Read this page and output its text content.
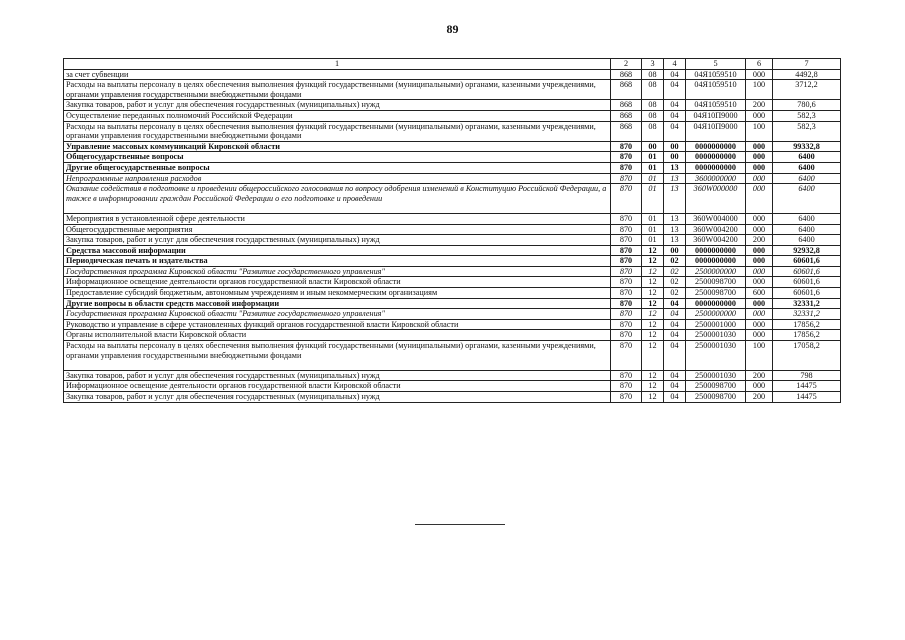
89
1	2	3	4	5	6	7
за счет субвенции	868	08	04	04Я1059510	000	4492,8
Расходы на выплаты персоналу в целях обеспечения выполнения функций государственными (муниципальными) органами, казенными учреждениями, органами управления государственными внебюджетными фондами	868	08	04	04Я1059510	100	3712,2
Закупка товаров, работ и услуг для обеспечения государственных (муниципальных) нужд	868	08	04	04Я1059510	200	780,6
Осуществление переданных полномочий Российской Федерации	868	08	04	04Я10П9000	000	582,3
Расходы на выплаты персоналу в целях обеспечения выполнения функций государственными (муниципальными) органами, казенными учреждениями, органами управления государственными внебюджетными фондами	868	08	04	04Я10П9000	100	582,3
Управление массовых коммуникаций Кировской области	870	00	00	0000000000	000	99332,8
Общегосударственные вопросы	870	01	00	0000000000	000	6400
Другие общегосударственные вопросы	870	01	13	0000000000	000	6400
Непрограммные направления расходов	870	01	13	3600000000	000	6400
Оказание содействия в подготовке и проведении общероссийского голосования по вопросу одобрения изменений в Конституцию Российской Федерации, а также в информировании граждан Российской Федерации о его подготовке и проведении	870	01	13	360W000000	000	6400
Мероприятия в установленной сфере деятельности	870	01	13	360W004000	000	6400
Общегосударственные мероприятия	870	01	13	360W004200	000	6400
Закупка товаров, работ и услуг для обеспечения государственных (муниципальных) нужд	870	01	13	360W004200	200	6400
Средства массовой информации	870	12	00	0000000000	000	92932,8
Периодическая печать и издательства	870	12	02	0000000000	000	60601,6
Государственная программа Кировской области "Развитие государственного управления"	870	12	02	2500000000	000	60601,6
Информационное освещение деятельности органов государственной власти Кировской области	870	12	02	2500098700	000	60601,6
Предоставление субсидий бюджетным, автономным учреждениям и иным некоммерческим организациям	870	12	02	2500098700	600	60601,6
Другие вопросы в области средств массовой информации	870	12	04	0000000000	000	32331,2
Государственная программа Кировской области "Развитие государственного управления"	870	12	04	2500000000	000	32331,2
Руководство и управление в сфере установленных функций органов государственной власти Кировской области	870	12	04	2500001000	000	17856,2
Органы исполнительной власти Кировской области	870	12	04	2500001030	000	17856,2
Расходы на выплаты персоналу в целях обеспечения выполнения функций государственными (муниципальными) органами, казенными учреждениями, органами управления государственными внебюджетными фондами	870	12	04	2500001030	100	17058,2
Закупка товаров, работ и услуг для обеспечения государственных (муниципальных) нужд	870	12	04	2500001030	200	798
Информационное освещение деятельности органов государственной власти Кировской области	870	12	04	2500098700	000	14475
Закупка товаров, работ и услуг для обеспечения государственных (муниципальных) нужд	870	12	04	2500098700	200	14475
